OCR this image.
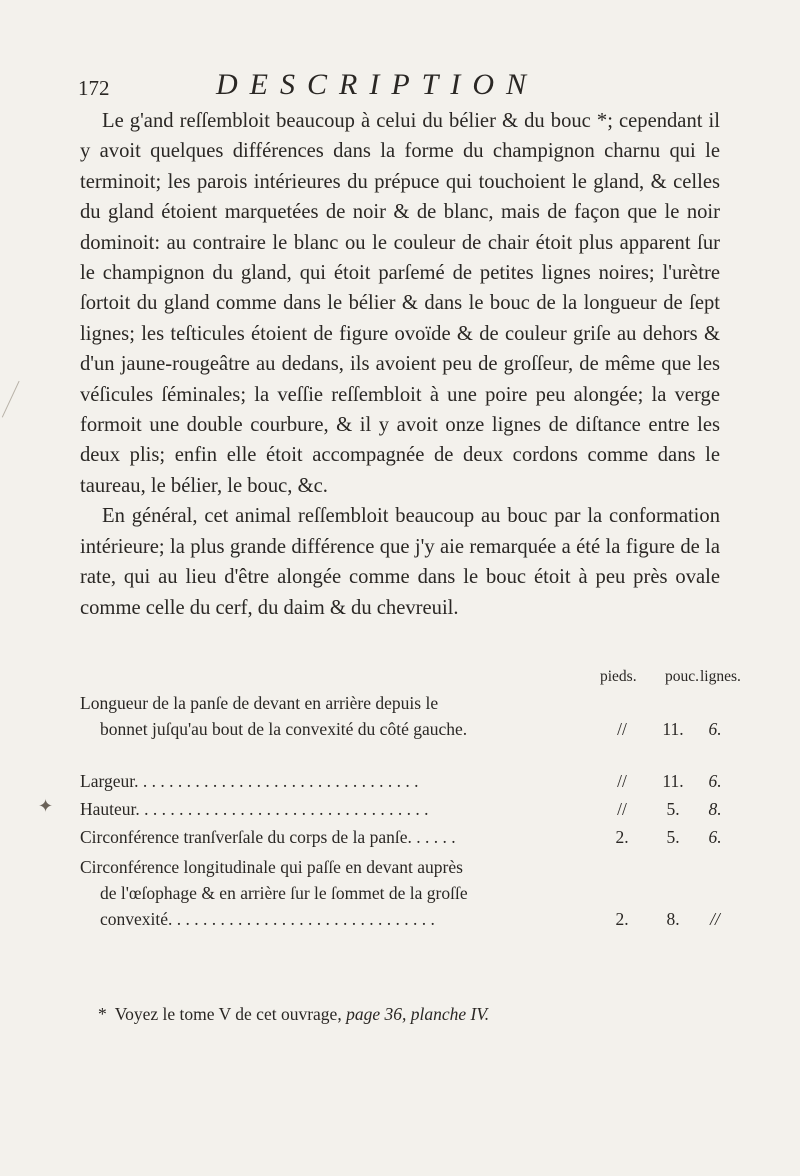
172	DESCRIPTION

Le g'and reſſembloit beaucoup à celui du bélier & du bouc *; cependant il y avoit quelques différences dans la forme du champignon charnu qui le terminoit; les parois intérieures du prépuce qui touchoient le gland, & celles du gland étoient marquetées de noir & de blanc, mais de façon que le noir dominoit: au contraire le blanc ou le couleur de chair étoit plus apparent ſur le champignon du gland, qui étoit parſemé de petites lignes noires; l'urètre ſortoit du gland comme dans le bélier & dans le bouc de la longueur de ſept lignes; les teſticules étoient de figure ovoïde & de couleur griſe au dehors & d'un jaune-rougeâtre au dedans, ils avoient peu de groſſeur, de même que les véſicules ſéminales; la veſſie reſſembloit à une poire peu alongée; la verge formoit une double courbure, & il y avoit onze lignes de diſtance entre les deux plis; enfin elle étoit accompagnée de deux cordons comme dans le taureau, le bélier, le bouc, &c.

En général, cet animal reſſembloit beaucoup au bouc par la conformation intérieure; la plus grande différence que j'y aie remarquée a été la figure de la rate, qui au lieu d'être alongée comme dans le bouc étoit à peu près ovale comme celle du cerf, du daim & du chevreuil.

pieds. pouc. lignes.
Longueur de la panſe de devant en arrière depuis le
bonnet juſqu'au bout de la convexité du côté gauche.	//	11.	6.
Largeur. . . . . . . . . . . . . . . . . . . . . . . . . . . . . . . . .	//	11.	6.
Hauteur. . . . . . . . . . . . . . . . . . . . . . . . . . . . . . . . . .	//	5.	8.
Circonférence tranſverſale du corps de la panſe. . . . . .	2.	5.	6.
Circonférence longitudinale qui paſſe en devant auprès
de l'œſophage & en arrière ſur le ſommet de la groſſe
convexité. . . . . . . . . . . . . . . . . . . . . . . . . . . . . . .	2.	8.	//
* Voyez le tome V de cet ouvrage, page 36, planche IV.
✦
